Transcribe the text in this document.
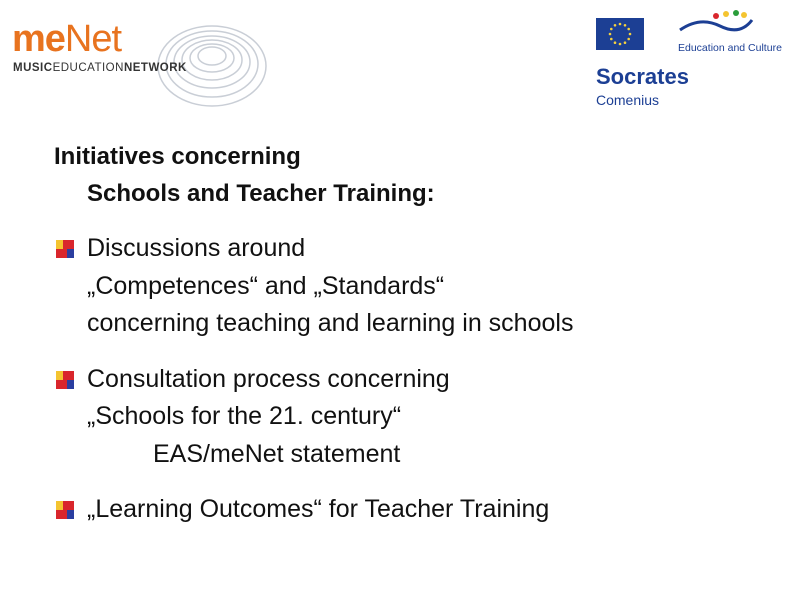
meNet
MUSICEDUCATIONNETWORK
Education and Culture
Socrates
Comenius
Initiatives concerning
Schools and Teacher Training:
Discussions around
„Competences“ and „Standards“
concerning teaching and learning in schools
Consultation process concerning
„Schools for the 21. century“
EAS/meNet statement
„Learning Outcomes“ for Teacher Training
